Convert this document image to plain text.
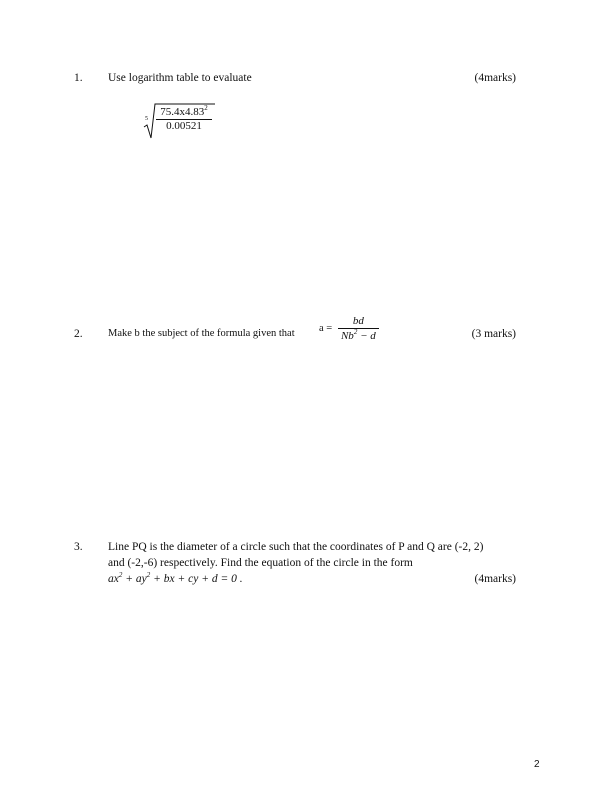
1. Use logarithm table to evaluate	(4marks)
5
75.4x4.83$^2$
0.00521
2. Make b the subject of the formula given that $a = \frac{bd}{Nb^2 - d}$	(3 marks)
3. Line PQ is the diameter of a circle such that the coordinates of P and Q are (-2, 2)
and (-2,-6) respectively. Find the equation of the circle in the form
$ax^2 + ay^2$ + bx + cy + d = 0 .	(4marks)
2
